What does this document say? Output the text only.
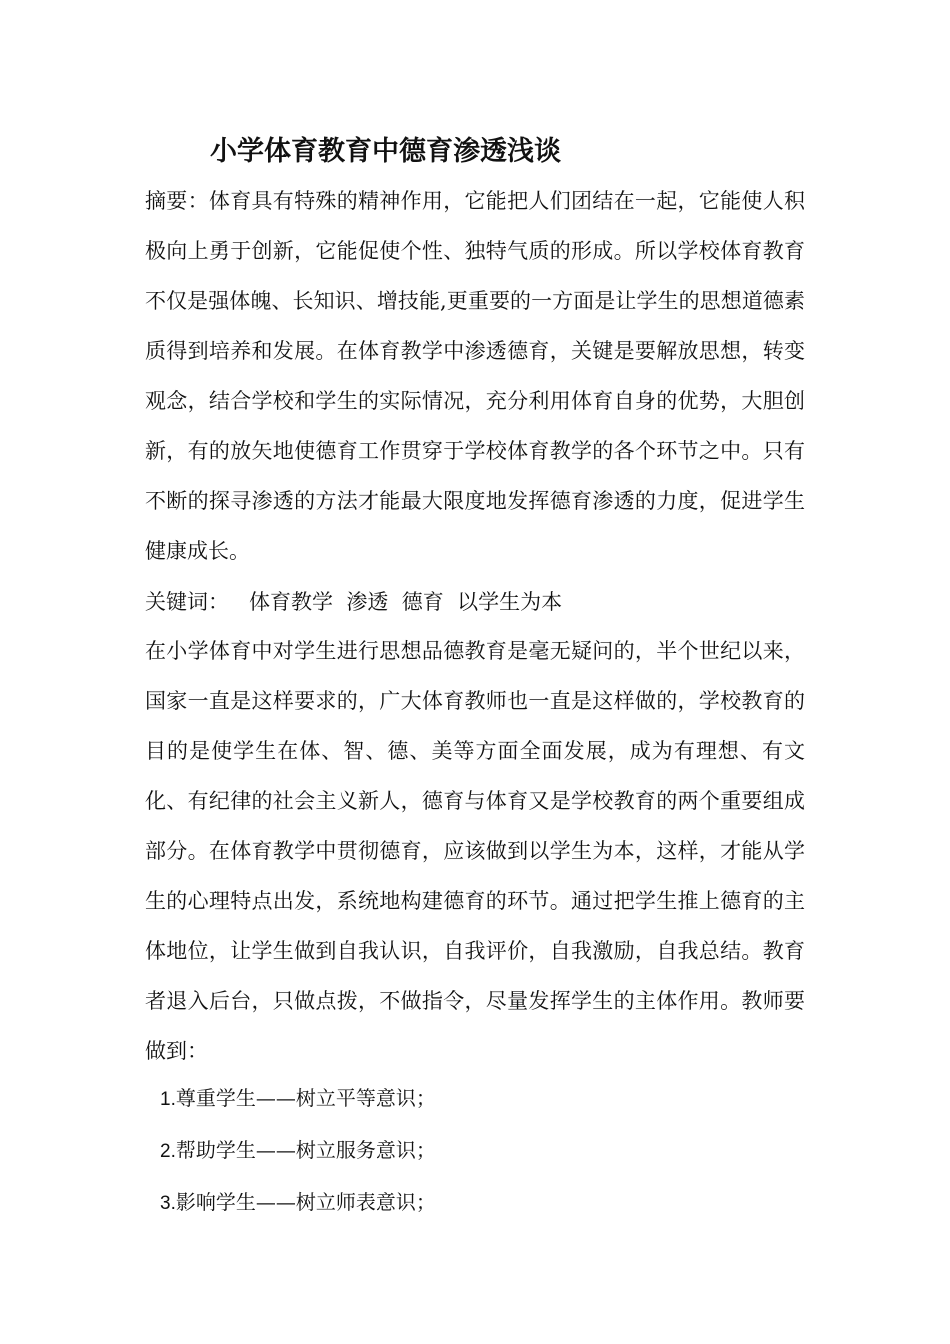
小学体育教育中德育渗透浅谈
摘要：体育具有特殊的精神作用，它能把人们团结在一起，它能使人积极向上勇于创新，它能促使个性、独特气质的形成。所以学校体育教育不仅是强体魄、长知识、增技能,更重要的一方面是让学生的思想道德素质得到培养和发展。在体育教学中渗透德育，关键是要解放思想，转变观念，结合学校和学生的实际情况，充分利用体育自身的优势，大胆创新，有的放矢地使德育工作贯穿于学校体育教学的各个环节之中。只有不断的探寻渗透的方法才能最大限度地发挥德育渗透的力度，促进学生健康成长。
关键词： 体育教学  渗透  德育  以学生为本
在小学体育中对学生进行思想品德教育是毫无疑问的，半个世纪以来，国家一直是这样要求的，广大体育教师也一直是这样做的，学校教育的目的是使学生在体、智、德、美等方面全面发展，成为有理想、有文化、有纪律的社会主义新人，德育与体育又是学校教育的两个重要组成部分。在体育教学中贯彻德育，应该做到以学生为本，这样，才能从学生的心理特点出发，系统地构建德育的环节。通过把学生推上德育的主体地位，让学生做到自我认识，自我评价，自我激励，自我总结。教育者退入后台，只做点拨，不做指令，尽量发挥学生的主体作用。教师要做到：
1.尊重学生——树立平等意识；
2.帮助学生——树立服务意识；
3.影响学生——树立师表意识；
